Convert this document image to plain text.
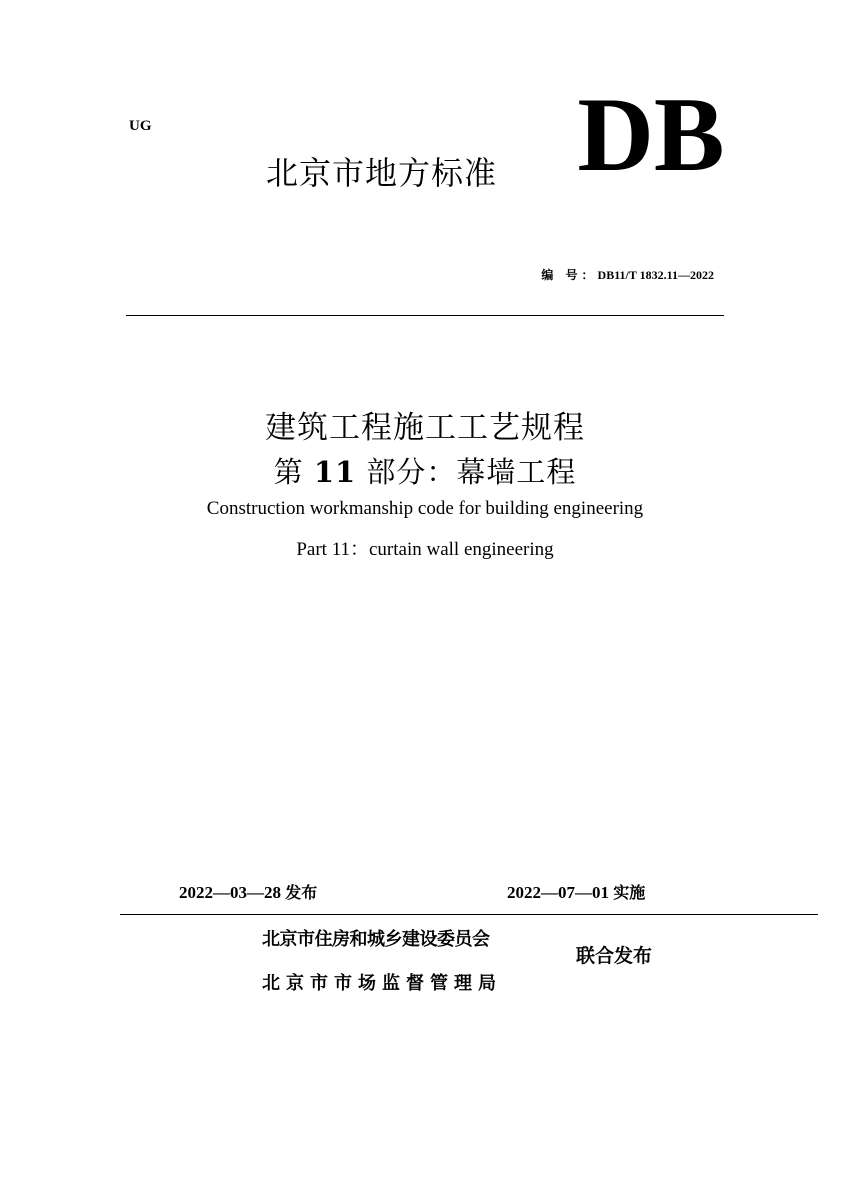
UG
北京市地方标准 DB
编 号：DB11/T 1832.11—2022
建筑工程施工工艺规程
第 11 部分：幕墙工程
Construction workmanship code for building engineering
Part 11：curtain wall engineering
2022—03—28 发布	2022—07—01 实施
北京市住房和城乡建设委员会
北京市市场监督管理局
联合发布
